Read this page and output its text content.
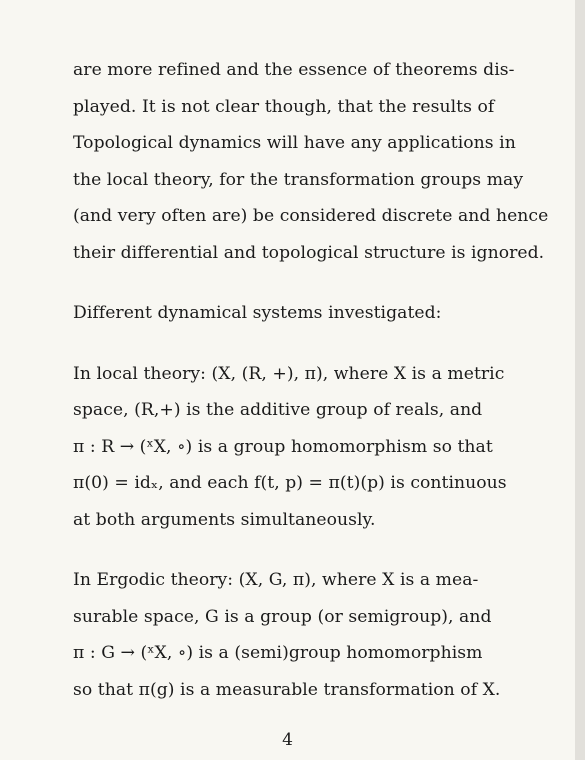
are more refined and the essence of theorems dis-
played. It is not clear though, that the results of
Topological dynamics will have any applications in
the local theory, for the transformation groups may
(and very often are) be considered discrete and hence
their differential and topological structure is ignored.

Different dynamical systems investigated:

In local theory: (X, (R, +), π), where X is a metric
space, (R,+) is the additive group of reals, and
π : R → (ˣX, ∘) is a group homomorphism so that
π(0) = idₓ, and each f(t, p) = π(t)(p) is continuous
at both arguments simultaneously.

In Ergodic theory: (X, G, π), where X is a mea-
surable space, G is a group (or semigroup), and
π : G → (ˣX, ∘) is a (semi)group homomorphism
so that π(g) is a measurable transformation of X.

4
